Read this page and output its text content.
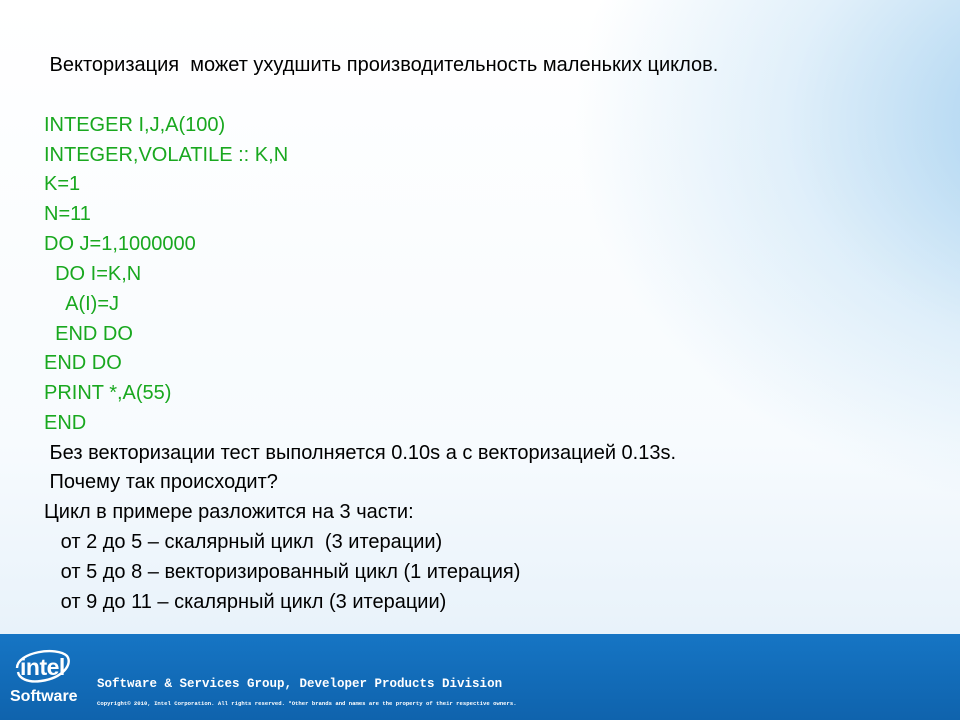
Векторизация  может ухудшить производительность маленьких циклов.
INTEGER I,J,A(100)
INTEGER,VOLATILE :: K,N
K=1
N=11
DO J=1,1000000
DO I=K,N
A(I)=J
END DO
END DO
PRINT *,A(55)
END
Без векторизации тест выполняется 0.10s а с векторизацией 0.13s.
Почему так происходит?
Цикл в примере разложится на 3 части:
от 2 до 5 – скалярный цикл  (3 итерации)
от 5 до 8 – векторизированный цикл (1 итерация)
от 9 до 11 – скалярный цикл (3 итерации)
intel
Software
Software & Services Group, Developer Products Division
Copyright© 2010, Intel Corporation. All rights reserved. *Other brands and names are the property of their respective owners.
